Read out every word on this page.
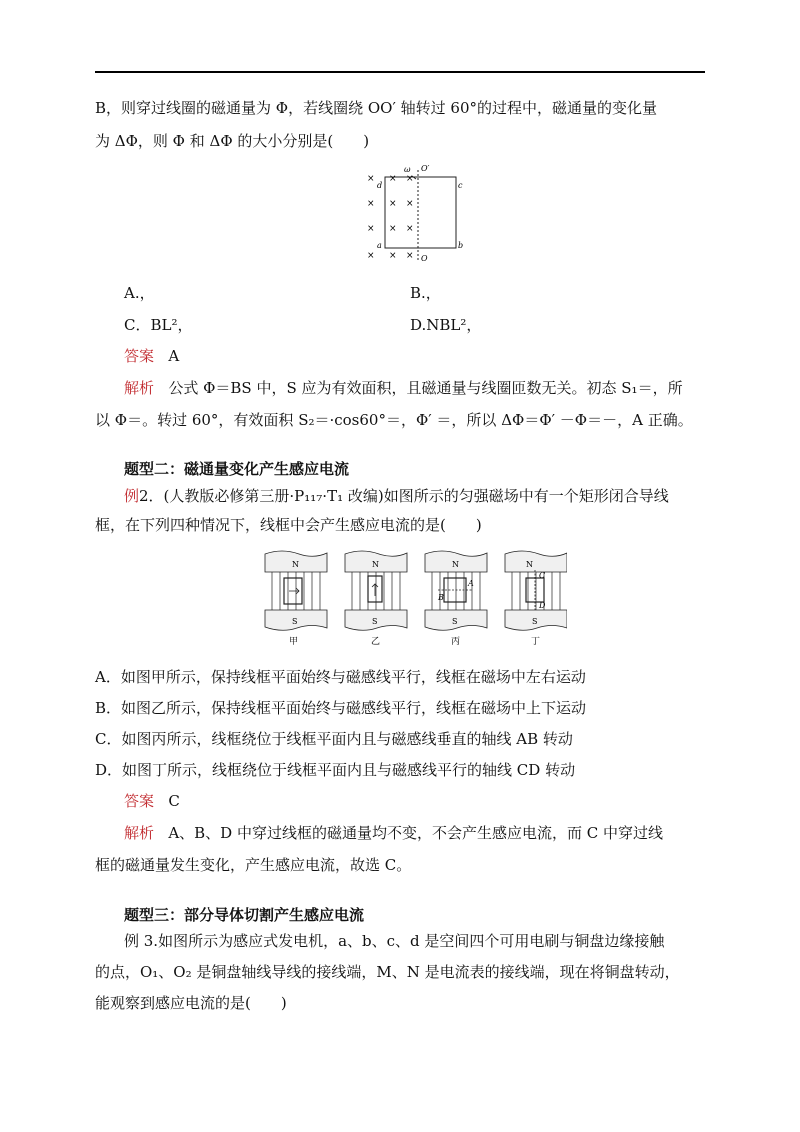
B，则穿过线圈的磁通量为 Φ，若线圈绕 OO′ 轴转过 60°的过程中，磁通量的变化量
为 ΔΦ，则 Φ 和 ΔΦ 的大小分别是(　　)
ω O′
O
d	c
a	b
× × ×
× × ×
× × ×
× × ×
A.，	B.，
C．BL²，	D.NBL²，
答案 A
解析 公式 Φ＝BS 中，S 应为有效面积，且磁通量与线圈匝数无关。初态 S₁＝，所
以 Φ＝。转过 60°，有效面积 S₂＝·cos60°＝，Φ′ ＝，所以 ΔΦ＝Φ′ －Φ＝－，A 正确。
题型二：磁通量变化产生感应电流
例2．(人教版必修第三册·P₁₁₇·T₁ 改编)如图所示的匀强磁场中有一个矩形闭合导线
框，在下列四种情况下，线框中会产生感应电流的是(　　)
N
S
甲
N
S
乙
N
S
A
B
丙
N
S
C
D
丁
A．如图甲所示，保持线框平面始终与磁感线平行，线框在磁场中左右运动
B．如图乙所示，保持线框平面始终与磁感线平行，线框在磁场中上下运动
C．如图丙所示，线框绕位于线框平面内且与磁感线垂直的轴线 AB 转动
D．如图丁所示，线框绕位于线框平面内且与磁感线平行的轴线 CD 转动
答案 C
解析 A、B、D 中穿过线框的磁通量均不变，不会产生感应电流，而 C 中穿过线
框的磁通量发生变化，产生感应电流，故选 C。
题型三：部分导体切割产生感应电流
例 3.如图所示为感应式发电机，a、b、c、d 是空间四个可用电刷与铜盘边缘接触
的点，O₁、O₂ 是铜盘轴线导线的接线端，M、N 是电流表的接线端，现在将铜盘转动，
能观察到感应电流的是(　　)
